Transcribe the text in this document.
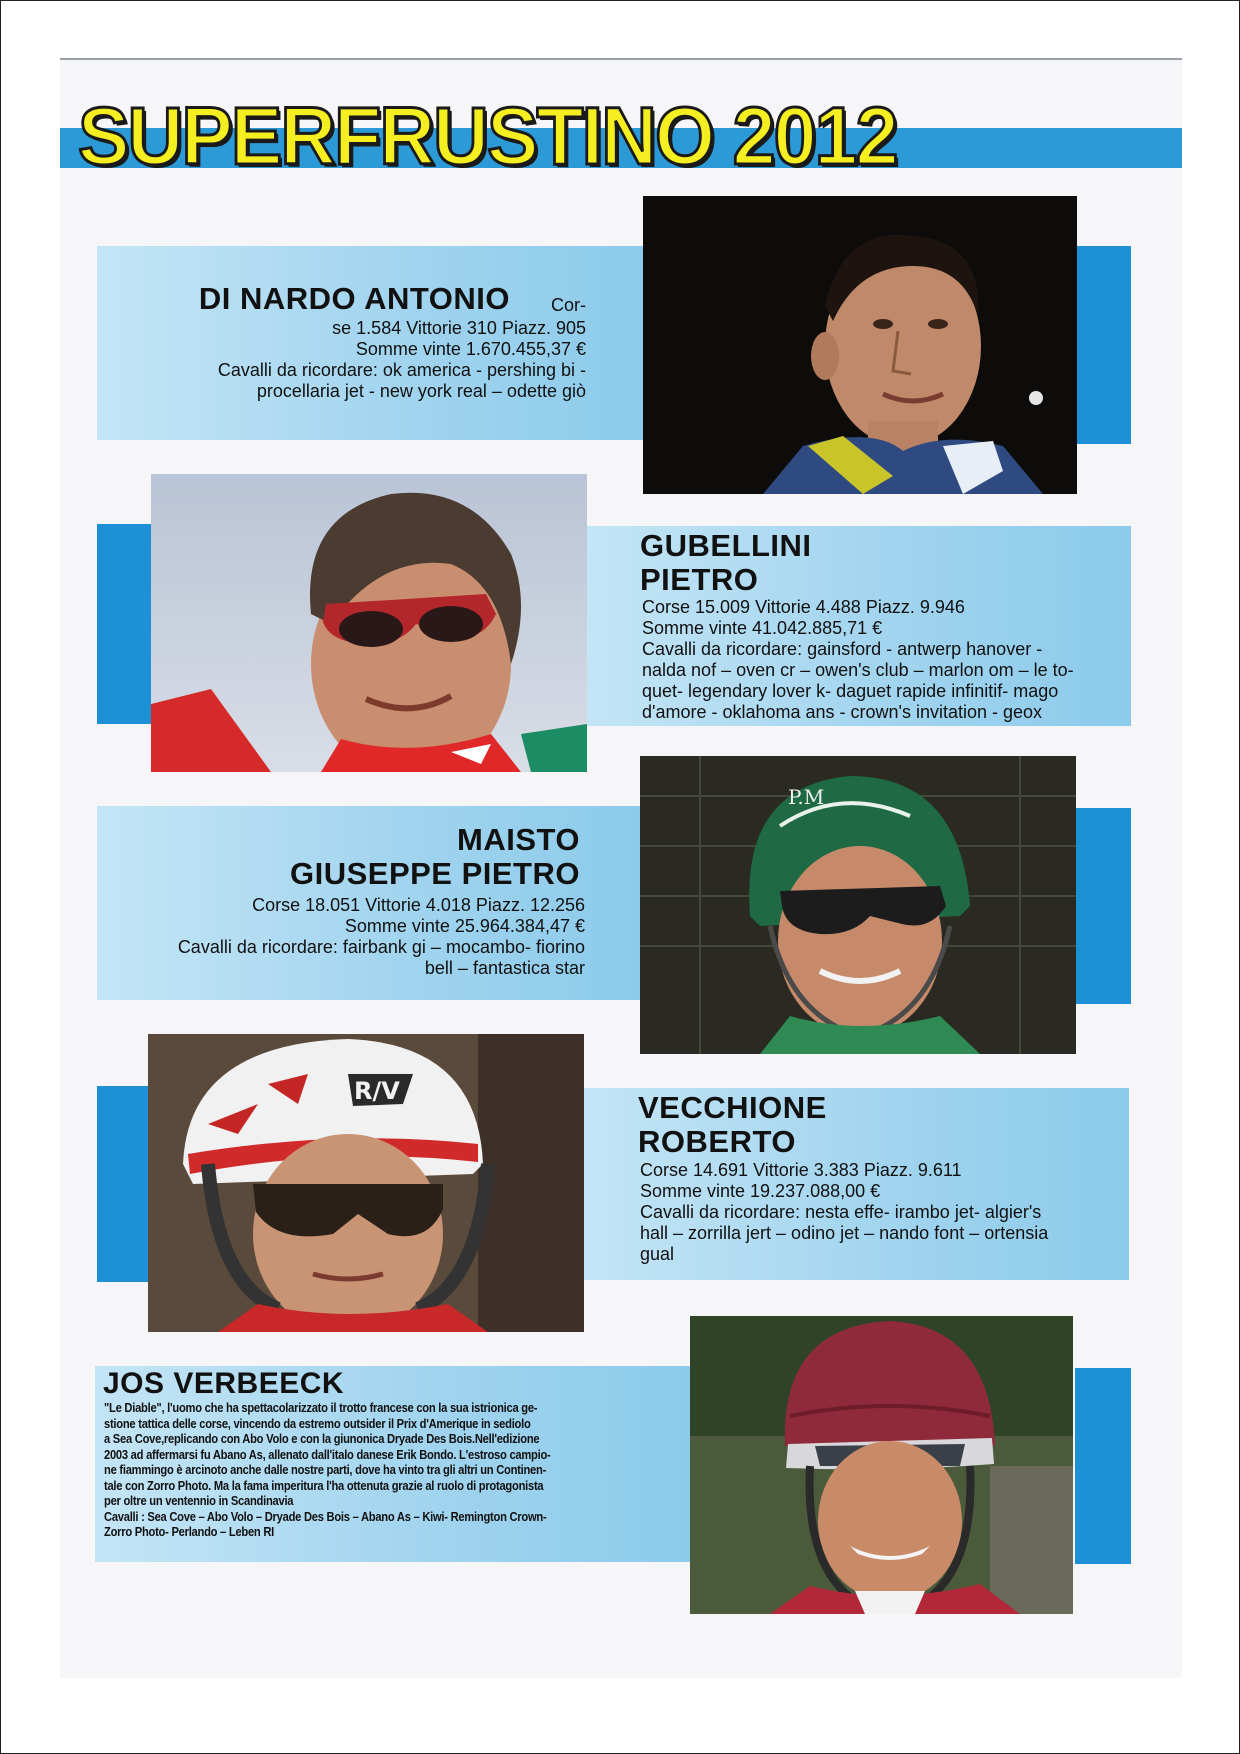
SUPERFRUSTINO 2012
DI NARDO ANTONIO	Cor-
se 1.584 Vittorie 310 Piazz. 905
Somme vinte 1.670.455,37 €
Cavalli da ricordare: ok america - pershing bi -
procellaria jet - new york real – odette giò
GUBELLINI
PIETRO
Corse 15.009 Vittorie 4.488 Piazz. 9.946
Somme vinte 41.042.885,71 €
Cavalli da ricordare: gainsford - antwerp hanover -
nalda nof – oven cr – owen's club – marlon om – le to-
quet- legendary lover k- daguet rapide infinitif- mago
d'amore - oklahoma ans - crown's invitation - geox
P.M
MAISTO
GIUSEPPE PIETRO
Corse 18.051 Vittorie 4.018 Piazz. 12.256
Somme vinte 25.964.384,47 €
Cavalli da ricordare: fairbank gi – mocambo- fiorino
bell – fantastica star
R/V	VECCHIONE
ROBERTO
Corse 14.691 Vittorie 3.383 Piazz. 9.611
Somme vinte 19.237.088,00 €
Cavalli da ricordare: nesta effe- irambo jet- algier's
hall – zorrilla jert – odino jet – nando font – ortensia
gual
JOS VERBEECK
"Le Diable", l'uomo che ha spettacolarizzato il trotto francese con la sua istrionica ge-
stione tattica delle corse, vincendo da estremo outsider il Prix d'Amerique in sediolo
a Sea Cove,replicando con Abo Volo e con la giunonica Dryade Des Bois.Nell'edizione
2003 ad affermarsi fu Abano As, allenato dall'italo danese Erik Bondo. L'estroso campio-
ne fiammingo è arcinoto anche dalle nostre parti, dove ha vinto tra gli altri un Continen-
tale con Zorro Photo. Ma la fama imperitura l'ha ottenuta grazie al ruolo di protagonista
per oltre un ventennio in Scandinavia
Cavalli : Sea Cove – Abo Volo – Dryade Des Bois – Abano As – Kiwi- Remington Crown-
Zorro Photo- Perlando – Leben RI
